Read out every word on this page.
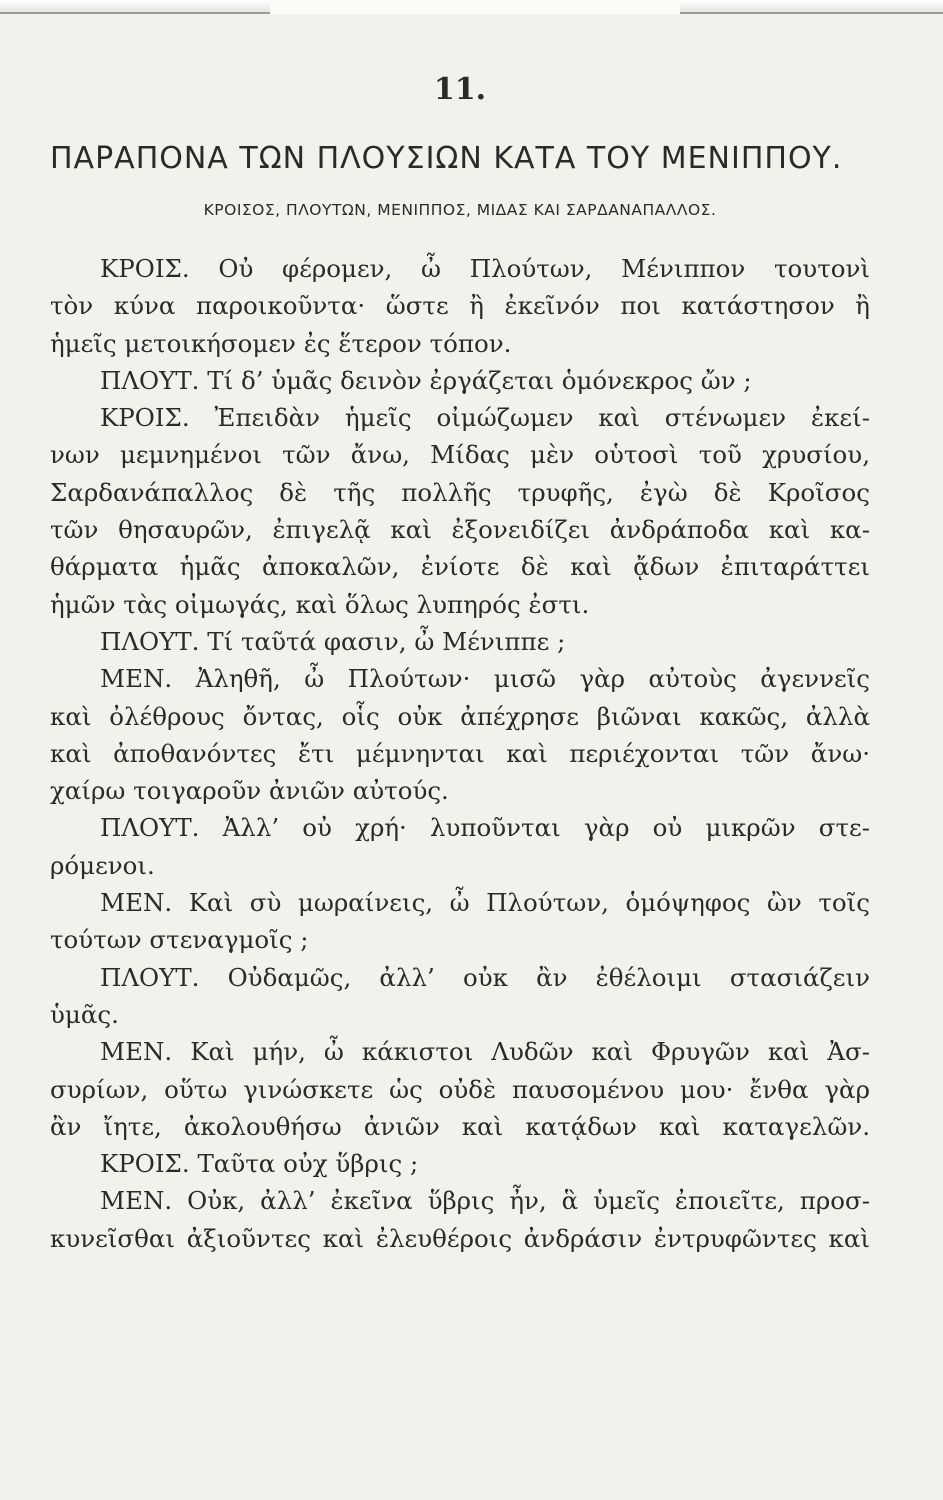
11.
ΠΑΡΑΠΟΝΑ ΤΩΝ ΠΛΟΥΣΙΩΝ ΚΑΤΑ ΤΟΥ ΜΕΝΙΠΠΟΥ.
ΚΡΟΙΣΟΣ, ΠΛΟΥΤΩΝ, ΜΕΝΙΠΠΟΣ, ΜΙΔΑΣ ΚΑΙ ΣΑΡΔΑΝΑΠΑΛΛΟΣ.
ΚΡΟΙΣ. Οὐ φέρομεν, ὦ Πλούτων, Μένιππον τουτονὶ
τὸν κύνα παροικοῦντα· ὥστε ἢ ἐκεῖνόν ποι κατάστησον ἢ
ἡμεῖς μετοικήσομεν ἐς ἕτερον τόπον.
ΠΛΟΥΤ. Τί δ’ ὑμᾶς δεινὸν ἐργάζεται ὁμόνεκρος ὤν ;
ΚΡΟΙΣ. Ἐπειδὰν ἡμεῖς οἰμώζωμεν καὶ στένωμεν ἐκεί-
νων μεμνημένοι τῶν ἄνω, Μίδας μὲν οὑτοσὶ τοῦ χρυσίου,
Σαρδανάπαλλος δὲ τῆς πολλῆς τρυφῆς, ἐγὼ δὲ Κροῖσος
τῶν θησαυρῶν, ἐπιγελᾷ καὶ ἐξονειδίζει ἀνδράποδα καὶ κα-
θάρματα ἡμᾶς ἀποκαλῶν, ἐνίοτε δὲ καὶ ᾄδων ἐπιταράττει
ἡμῶν τὰς οἰμωγάς, καὶ ὅλως λυπηρός ἐστι.
ΠΛΟΥΤ. Τί ταῦτά φασιν, ὦ Μένιππε ;
ΜΕΝ. Ἀληθῆ, ὦ Πλούτων· μισῶ γὰρ αὐτοὺς ἀγεννεῖς
καὶ ὀλέθρους ὄντας, οἷς οὐκ ἀπέχρησε βιῶναι κακῶς, ἀλλὰ
καὶ ἀποθανόντες ἔτι μέμνηνται καὶ περιέχονται τῶν ἄνω·
χαίρω τοιγαροῦν ἀνιῶν αὐτούς.
ΠΛΟΥΤ. Ἀλλ’ οὐ χρή· λυποῦνται γὰρ οὐ μικρῶν στε-
ρόμενοι.
ΜΕΝ. Καὶ σὺ μωραίνεις, ὦ Πλούτων, ὁμόψηφος ὢν τοῖς
τούτων στεναγμοῖς ;
ΠΛΟΥΤ. Οὐδαμῶς, ἀλλ’ οὐκ ἂν ἐθέλοιμι στασιάζειν
ὑμᾶς.
ΜΕΝ. Καὶ μήν, ὦ κάκιστοι Λυδῶν καὶ Φρυγῶν καὶ Ἀσ-
συρίων, οὕτω γινώσκετε ὡς οὐδὲ παυσομένου μου· ἔνθα γὰρ
ἂν ἴητε, ἀκολουθήσω ἀνιῶν καὶ κατᾴδων καὶ καταγελῶν.
ΚΡΟΙΣ. Ταῦτα οὐχ ὕβρις ;
ΜΕΝ. Οὐκ, ἀλλ’ ἐκεῖνα ὕβρις ἦν, ἃ ὑμεῖς ἐποιεῖτε, προσ-
κυνεῖσθαι ἀξιοῦντες καὶ ἐλευθέροις ἀνδράσιν ἐντρυφῶντες καὶ
